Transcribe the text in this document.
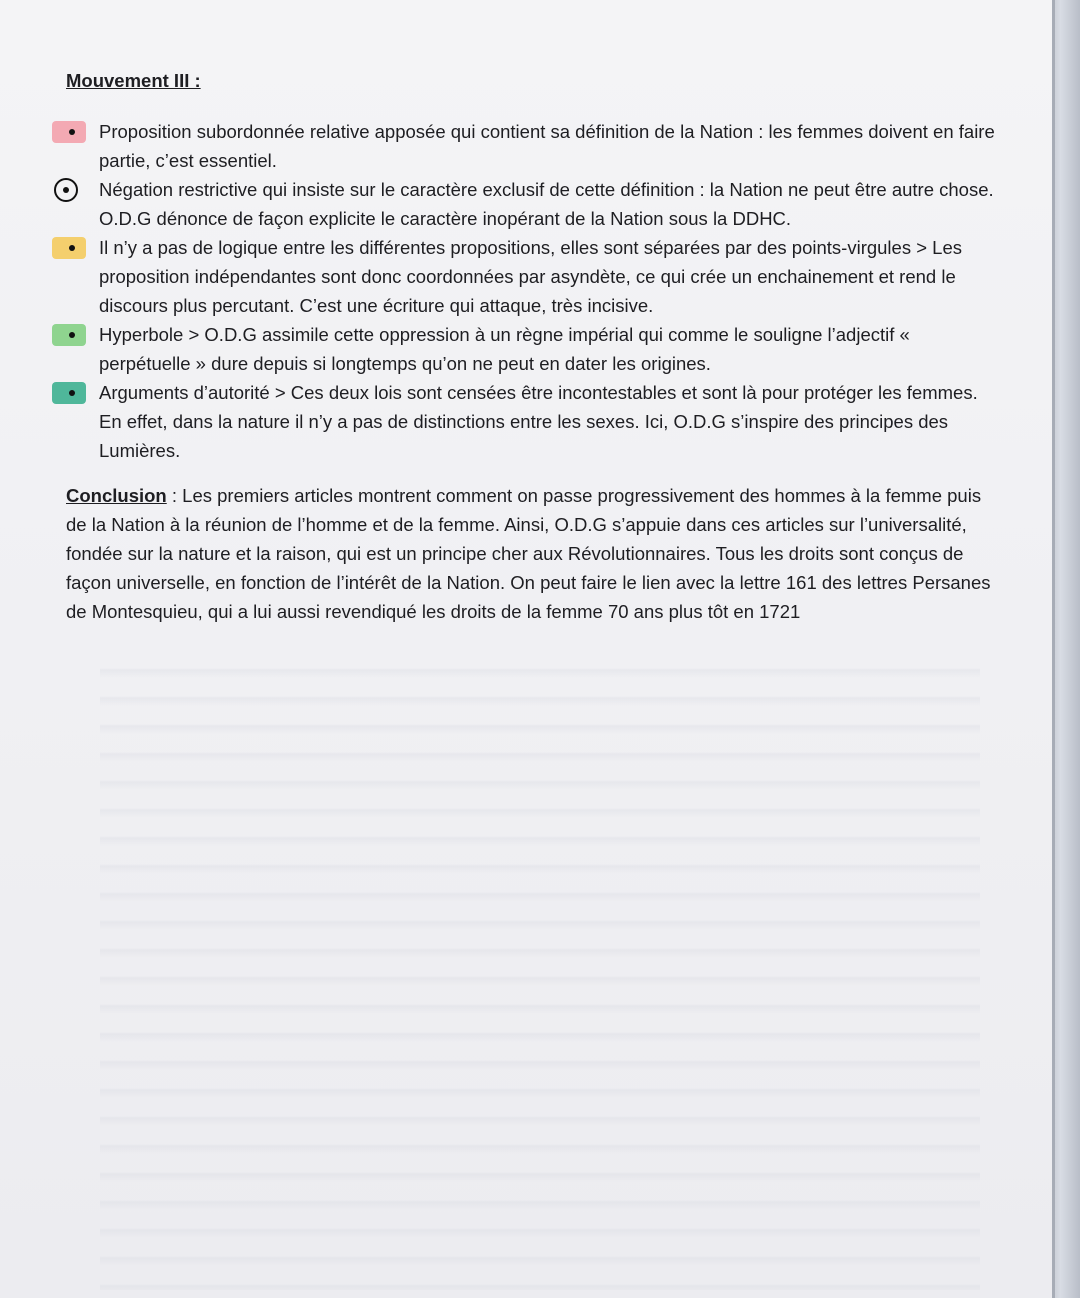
Mouvement III :

Proposition subordonnée relative apposée qui contient sa définition de la Nation : les femmes doivent en faire partie, c’est essentiel.

Négation restrictive qui insiste sur le caractère exclusif de cette définition : la Nation ne peut être autre chose. O.D.G dénonce de façon explicite le caractère inopérant de la Nation sous la DDHC.

Il n’y a pas de logique entre les différentes propositions, elles sont séparées par des points-virgules > Les proposition indépendantes sont donc coordonnées par asyndète, ce qui crée un enchainement et rend le discours plus percutant. C’est une écriture qui attaque, très incisive.

Hyperbole > O.D.G assimile cette oppression à un règne impérial qui comme le souligne l’adjectif « perpétuelle » dure depuis si longtemps qu’on ne peut en dater les origines.

Arguments d’autorité > Ces deux lois sont censées être incontestables et sont là pour protéger les femmes. En effet, dans la nature il n’y a pas de distinctions entre les sexes. Ici, O.D.G s’inspire des principes des Lumières.

Conclusion : Les premiers articles montrent comment on passe progressivement des hommes à la femme puis de la Nation à la réunion de l’homme et de la femme. Ainsi, O.D.G s’appuie dans ces articles sur l’universalité, fondée sur la nature et la raison, qui est un principe cher aux Révolutionnaires. Tous les droits sont conçus de façon universelle, en fonction de l’intérêt de la Nation. On peut faire le lien avec la lettre 161 des lettres Persanes de Montesquieu, qui a lui aussi revendiqué les droits de la femme 70 ans plus tôt en 1721
